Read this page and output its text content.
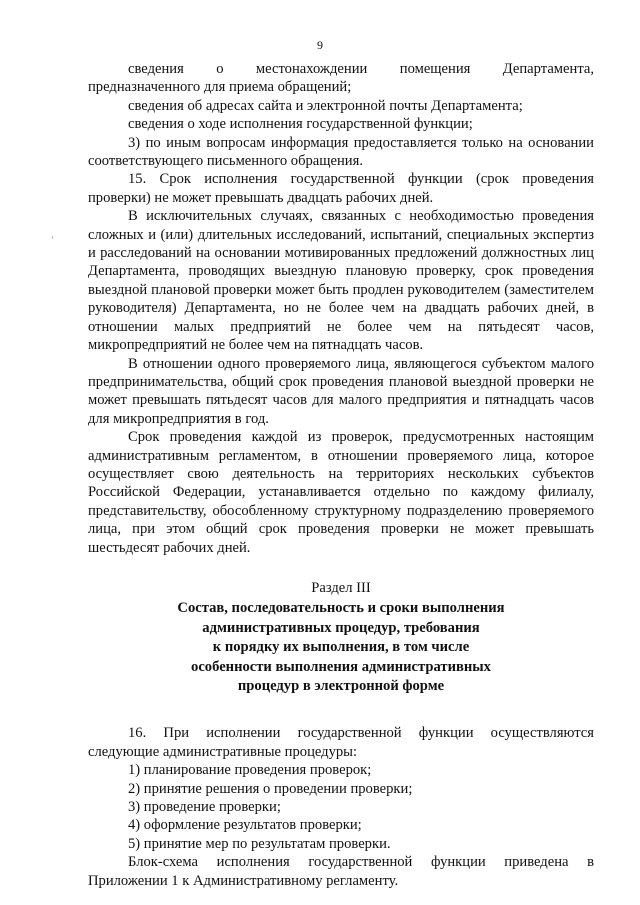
9

сведения о местонахождении помещения Департамента, предназначенного для приема обращений;

сведения об адресах сайта и электронной почты Департамента;

сведения о ходе исполнения государственной функции;

3) по иным вопросам информация предоставляется только на основании соответствующего письменного обращения.

15. Срок исполнения государственной функции (срок проведения проверки) не может превышать двадцать рабочих дней.

В исключительных случаях, связанных с необходимостью проведения сложных и (или) длительных исследований, испытаний, специальных экспертиз и расследований на основании мотивированных предложений должностных лиц Департамента, проводящих выездную плановую проверку, срок проведения выездной плановой проверки может быть продлен руководителем (заместителем руководителя) Департамента, но не более чем на двадцать рабочих дней, в отношении малых предприятий не более чем на пятьдесят часов, микропредприятий не более чем на пятнадцать часов.

В отношении одного проверяемого лица, являющегося субъектом малого предпринимательства, общий срок проведения плановой выездной проверки не может превышать пятьдесят часов для малого предприятия и пятнадцать часов для микропредприятия в год.

Срок проведения каждой из проверок, предусмотренных настоящим административным регламентом, в отношении проверяемого лица, которое осуществляет свою деятельность на территориях нескольких субъектов Российской Федерации, устанавливается отдельно по каждому филиалу, представительству, обособленному структурному подразделению проверяемого лица, при этом общий срок проведения проверки не может превышать шестьдесят рабочих дней.

Раздел III

Состав, последовательность и сроки выполнения
административных процедур, требования
к порядку их выполнения, в том числе
особенности выполнения административных
процедур в электронной форме

16. При исполнении государственной функции осуществляются следующие административные процедуры:

1) планирование проведения проверок;

2) принятие решения о проведении проверки;

3) проведение проверки;

4) оформление результатов проверки;

5) принятие мер по результатам проверки.

Блок-схема исполнения государственной функции приведена в Приложении 1 к Административному регламенту.
